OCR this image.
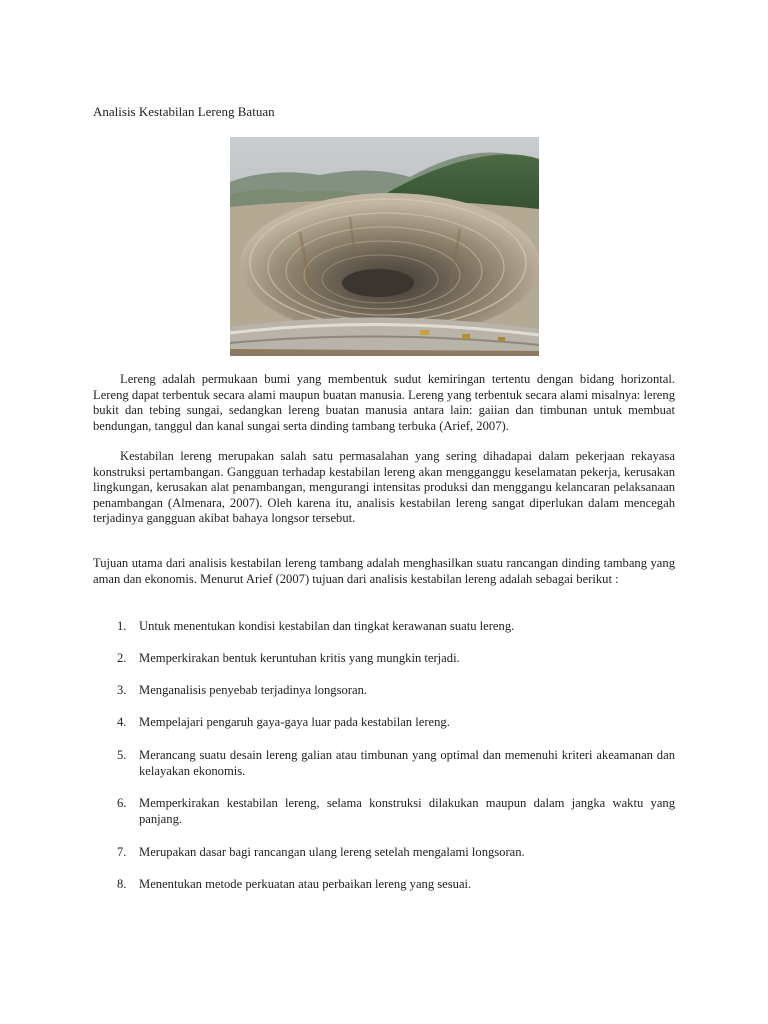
Analisis Kestabilan Lereng Batuan
Lereng adalah permukaan bumi yang membentuk sudut kemiringan tertentu dengan bidang horizontal. Lereng dapat terbentuk secara alami maupun buatan manusia. Lereng yang terbentuk secara alami misalnya: lereng bukit dan tebing sungai, sedangkan lereng buatan manusia antara lain: gaiian dan timbunan untuk membuat bendungan, tanggul dan kanal sungai serta dinding tambang terbuka (Arief, 2007).
Kestabilan lereng merupakan salah satu permasalahan yang sering dihadapai dalam pekerjaan rekayasa konstruksi pertambangan. Gangguan terhadap kestabilan lereng akan mengganggu keselamatan pekerja, kerusakan lingkungan, kerusakan alat penambangan, mengurangi intensitas produksi dan menggangu kelancaran pelaksanaan penambangan (Almenara, 2007). Oleh karena itu, analisis kestabilan lereng sangat diperlukan dalam mencegah terjadinya gangguan akibat bahaya longsor tersebut.
Tujuan utama dari analisis kestabilan lereng tambang adalah menghasilkan suatu rancangan dinding tambang yang aman dan ekonomis. Menurut Arief (2007) tujuan dari analisis kestabilan lereng adalah sebagai berikut :
1. Untuk menentukan kondisi kestabilan dan tingkat kerawanan suatu lereng.
2. Memperkirakan bentuk keruntuhan kritis yang mungkin terjadi.
3. Menganalisis penyebab terjadinya longsoran.
4. Mempelajari pengaruh gaya-gaya luar pada kestabilan lereng.
5. Merancang suatu desain lereng galian atau timbunan yang optimal dan memenuhi kriteri akeamanan dan      kelayakan ekonomis.
6. Memperkirakan kestabilan lereng, selama konstruksi dilakukan maupun dalam jangka waktu yang panjang.
7. Merupakan dasar bagi rancangan ulang lereng setelah mengalami longsoran.
8. Menentukan metode perkuatan atau perbaikan lereng yang sesuai.
